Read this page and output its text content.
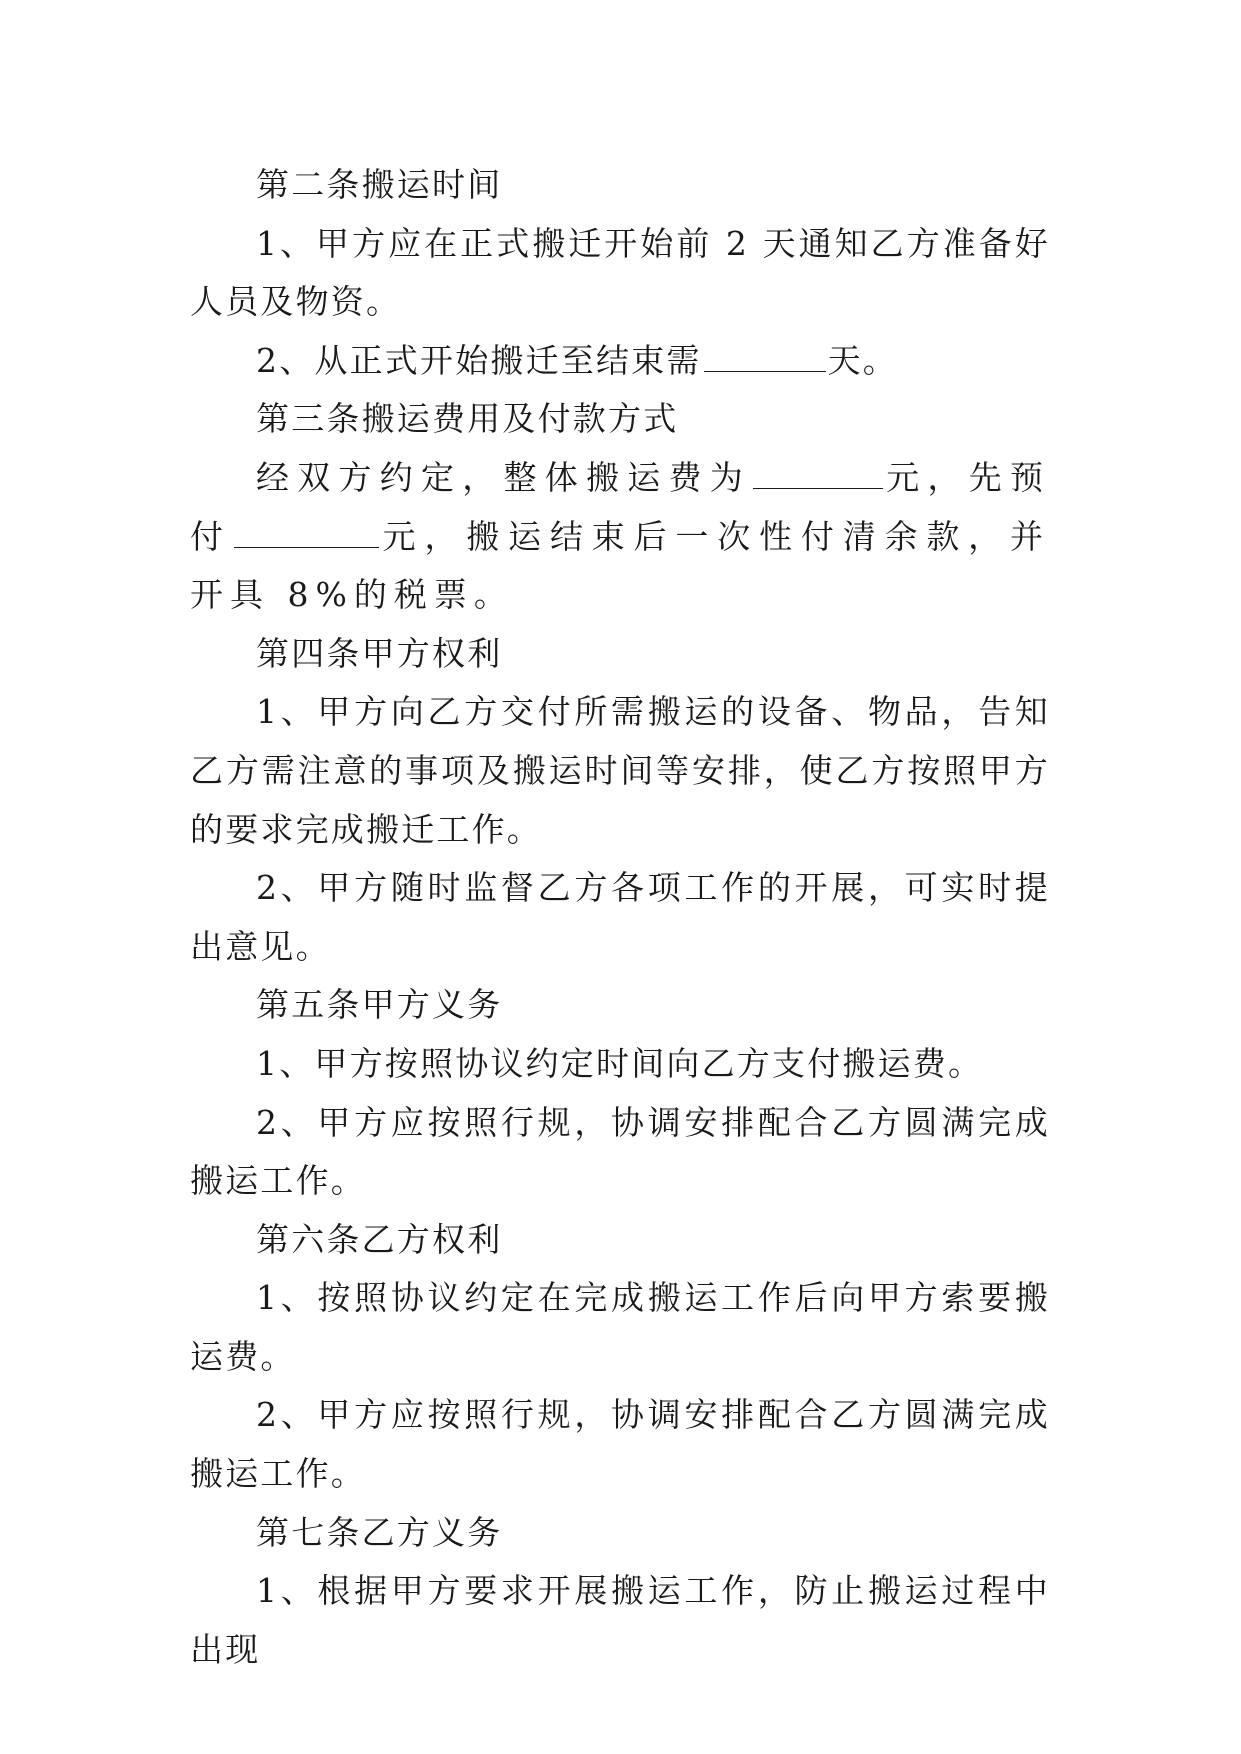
第二条搬运时间

1、甲方应在正式搬迁开始前 2 天通知乙方准备好人员及物资。

2、从正式开始搬迁至结束需	天。

第三条搬运费用及付款方式

经双方约定，整体搬运费为	元，先预付	元，搬运结束后一次性付清余款，并开具 8%的税票。

第四条甲方权利

1、甲方向乙方交付所需搬运的设备、物品，告知乙方需注意的事项及搬运时间等安排，使乙方按照甲方的要求完成搬迁工作。

2、甲方随时监督乙方各项工作的开展，可实时提出意见。

第五条甲方义务

1、甲方按照协议约定时间向乙方支付搬运费。

2、甲方应按照行规，协调安排配合乙方圆满完成搬运工作。

第六条乙方权利

1、按照协议约定在完成搬运工作后向甲方索要搬运费。

2、甲方应按照行规，协调安排配合乙方圆满完成搬运工作。

第七条乙方义务

1、根据甲方要求开展搬运工作，防止搬运过程中出现
